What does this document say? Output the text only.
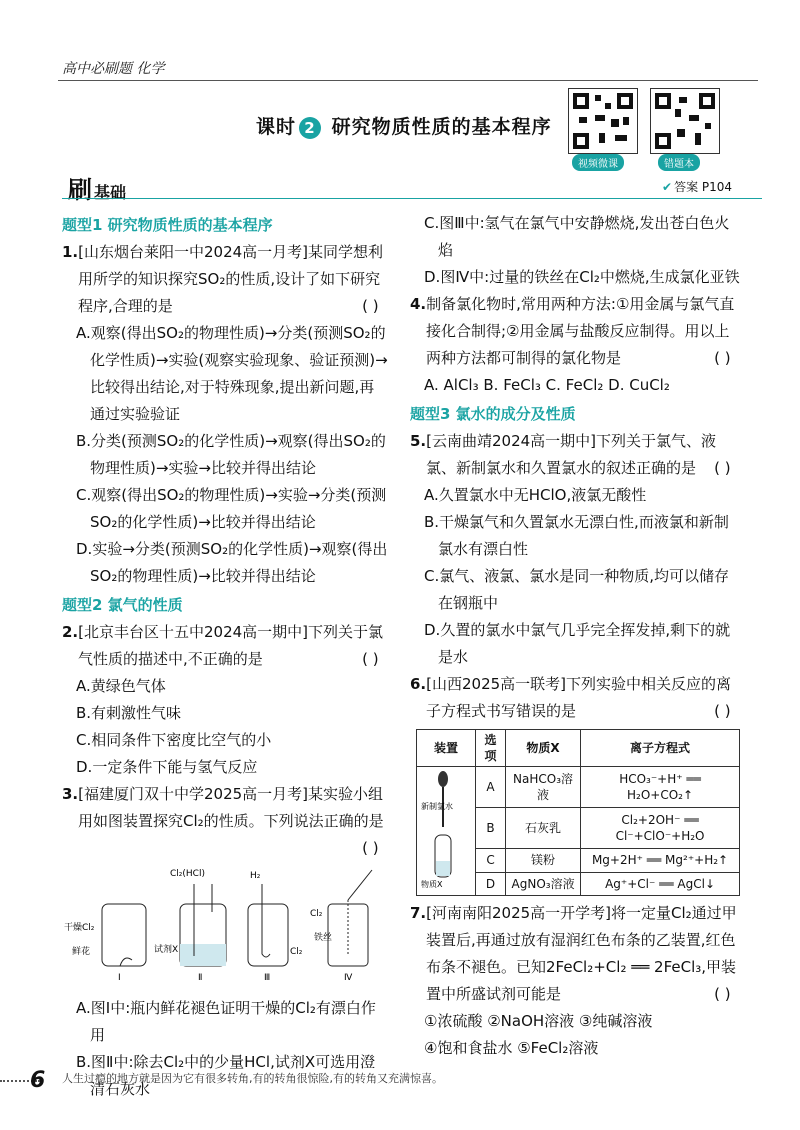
高中必刷题 化学
课时 2 研究物质性质的基本程序
视频微课	错题本
刷基础	✔ 答案 P104
题型1 研究物质性质的基本程序
1.[山东烟台莱阳一中2024高一月考]某同学想利用所学的知识探究SO₂的性质,设计了如下研究程序,合理的是	( )
A.观察(得出SO₂的物理性质)→分类(预测SO₂的化学性质)→实验(观察实验现象、验证预测)→比较得出结论,对于特殊现象,提出新问题,再通过实验验证
B.分类(预测SO₂的化学性质)→观察(得出SO₂的物理性质)→实验→比较并得出结论
C.观察(得出SO₂的物理性质)→实验→分类(预测SO₂的化学性质)→比较并得出结论
D.实验→分类(预测SO₂的化学性质)→观察(得出SO₂的物理性质)→比较并得出结论
题型2 氯气的性质
2.[北京丰台区十五中2024高一期中]下列关于氯气性质的描述中,不正确的是	( )
A.黄绿色气体
B.有刺激性气味
C.相同条件下密度比空气的小
D.一定条件下能与氢气反应
3.[福建厦门双十中学2025高一月考]某实验小组用如图装置探究Cl₂的性质。下列说法正确的是
( )
干燥Cl₂
鲜花
Ⅰ
Cl₂(HCl)
试剂X
Ⅱ
H₂
Cl₂
Ⅲ
Cl₂
铁丝
Ⅳ
A.图Ⅰ中:瓶内鲜花褪色证明干燥的Cl₂有漂白作用
B.图Ⅱ中:除去Cl₂中的少量HCl,试剂X可选用澄清石灰水
C.图Ⅲ中:氢气在氯气中安静燃烧,发出苍白色火焰
D.图Ⅳ中:过量的铁丝在Cl₂中燃烧,生成氯化亚铁
4.制备氯化物时,常用两种方法:①用金属与氯气直接化合制得;②用金属与盐酸反应制得。用以上两种方法都可制得的氯化物是	( )
A. AlCl₃ B. FeCl₃ C. FeCl₂ D. CuCl₂
题型3 氯水的成分及性质
5.[云南曲靖2024高一期中]下列关于氯气、液氯、新制氯水和久置氯水的叙述正确的是 ( )
A.久置氯水中无HClO,液氯无酸性
B.干燥氯气和久置氯水无漂白性,而液氯和新制氯水有漂白性
C.氯气、液氯、氯水是同一种物质,均可以储存在钢瓶中
D.久置的氯水中氯气几乎完全挥发掉,剩下的就是水
6.[山西2025高一联考]下列实验中相关反应的离子方程式书写错误的是	( )
装置	选项	物质X	离子方程式

新制氯水
物质X	A	NaHCO₃溶液	HCO₃⁻+H⁺ ══ H₂O+CO₂↑
	B	石灰乳	Cl₂+2OH⁻ ══ Cl⁻+ClO⁻+H₂O
	C	镁粉	Mg+2H⁺ ══ Mg²⁺+H₂↑
	D	AgNO₃溶液	Ag⁺+Cl⁻ ══ AgCl↓
7.[河南南阳2025高一开学考]将一定量Cl₂通过甲装置后,再通过放有湿润红色布条的乙装置,红色布条不褪色。已知2FeCl₂+Cl₂ ══ 2FeCl₃,甲装置中所盛试剂可能是	( )
①浓硫酸 ②NaOH溶液 ③纯碱溶液
④饱和食盐水 ⑤FeCl₂溶液
6 人生过瘾的地方就是因为它有很多转角,有的转角很惊险,有的转角又充满惊喜。
